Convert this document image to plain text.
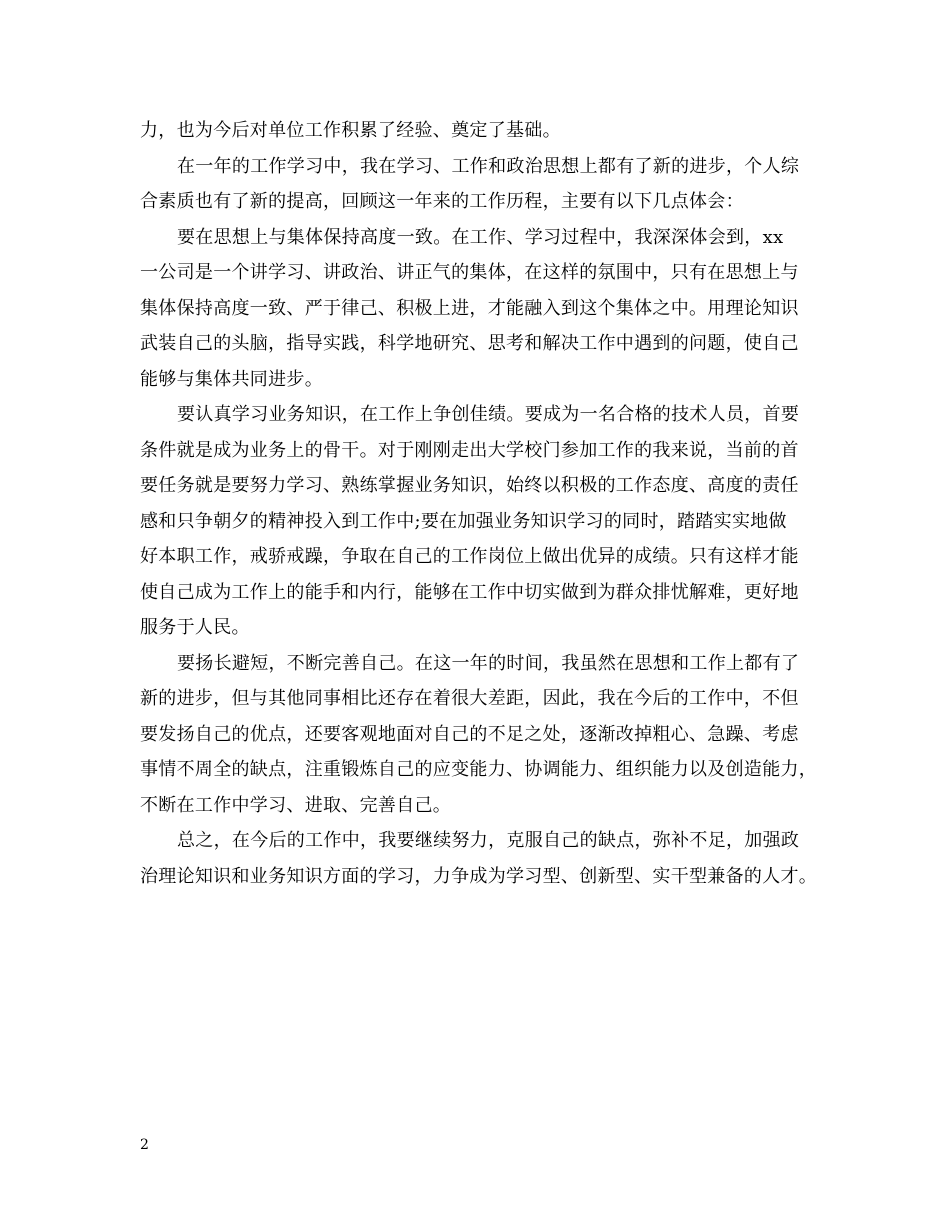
力，也为今后对单位工作积累了经验、奠定了基础。
在一年的工作学习中，我在学习、工作和政治思想上都有了新的进步，个人综
合素质也有了新的提高，回顾这一年来的工作历程，主要有以下几点体会：
要在思想上与集体保持高度一致。在工作、学习过程中，我深深体会到，xx
一公司是一个讲学习、讲政治、讲正气的集体，在这样的氛围中，只有在思想上与
集体保持高度一致、严于律己、积极上进，才能融入到这个集体之中。用理论知识
武装自己的头脑，指导实践，科学地研究、思考和解决工作中遇到的问题，使自己
能够与集体共同进步。
要认真学习业务知识，在工作上争创佳绩。要成为一名合格的技术人员，首要
条件就是成为业务上的骨干。对于刚刚走出大学校门参加工作的我来说，当前的首
要任务就是要努力学习、熟练掌握业务知识，始终以积极的工作态度、高度的责任
感和只争朝夕的精神投入到工作中;要在加强业务知识学习的同时，踏踏实实地做
好本职工作，戒骄戒躁，争取在自己的工作岗位上做出优异的成绩。只有这样才能
使自己成为工作上的能手和内行，能够在工作中切实做到为群众排忧解难，更好地
服务于人民。
要扬长避短，不断完善自己。在这一年的时间，我虽然在思想和工作上都有了
新的进步，但与其他同事相比还存在着很大差距，因此，我在今后的工作中，不但
要发扬自己的优点，还要客观地面对自己的不足之处，逐渐改掉粗心、急躁、考虑
事情不周全的缺点，注重锻炼自己的应变能力、协调能力、组织能力以及创造能力，
不断在工作中学习、进取、完善自己。
总之，在今后的工作中，我要继续努力，克服自己的缺点，弥补不足，加强政
治理论知识和业务知识方面的学习，力争成为学习型、创新型、实干型兼备的人才。
2
